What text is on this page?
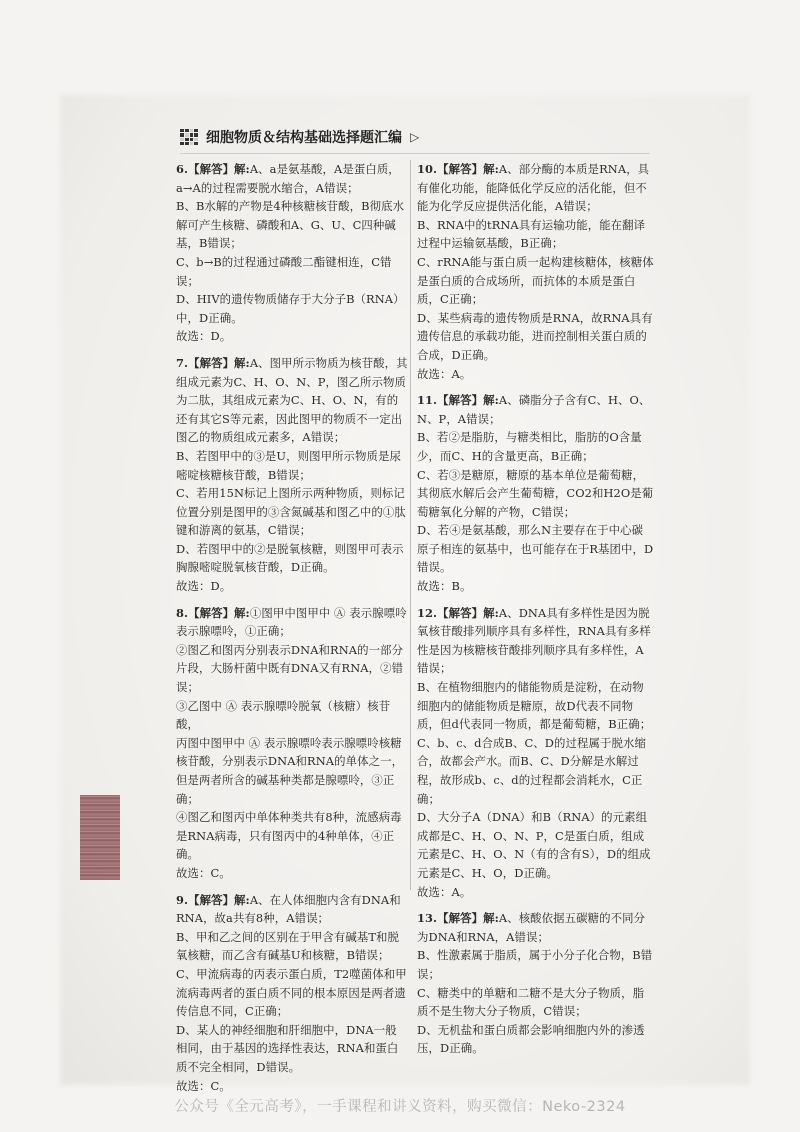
细胞物质＆结构基础选择题汇编 ▷

6.【解答】解:A、a是氨基酸，A是蛋白质，a→A的过程需要脱水缩合，A错误；

B、B水解的产物是4种核糖核苷酸，B彻底水解可产生核糖、磷酸和A、G、U、C四种碱基，B错误；

C、b→B的过程通过磷酸二酯键相连，C错误；

D、HIV的遗传物质储存于大分子B（RNA）中，D正确。

故选：D。

7.【解答】解:A、图甲所示物质为核苷酸，其组成元素为C、H、O、N、P，图乙所示物质为二肽，其组成元素为C、H、O、N，有的还有其它S等元素，因此图甲的物质不一定出图乙的物质组成元素多，A错误；

B、若图甲中的③是U，则图甲所示物质是尿嘧啶核糖核苷酸，B错误；

C、若用15N标记上图所示两种物质，则标记位置分别是图甲的③含氮碱基和图乙中的①肽键和游离的氨基，C错误；

D、若图甲中的②是脱氧核糖，则图甲可表示胸腺嘧啶脱氧核苷酸，D正确。

故选：D。

8.【解答】解:①图甲中图甲中 Ⓐ 表示腺嘌呤表示腺嘌呤，①正确；

②图乙和图丙分别表示DNA和RNA的一部分片段，大肠杆菌中既有DNA又有RNA，②错误；

③乙图中 Ⓐ 表示腺嘌呤脱氧（核糖）核苷酸，

丙图中图甲中 Ⓐ 表示腺嘌呤表示腺嘌呤核糖核苷酸，分别表示DNA和RNA的单体之一，但是两者所含的碱基种类都是腺嘌呤，③正确；

④图乙和图丙中单体种类共有8种，流感病毒是RNA病毒，只有图丙中的4种单体，④正确。

故选：C。

9.【解答】解:A、在人体细胞内含有DNA和RNA，故a共有8种，A错误；

B、甲和乙之间的区别在于甲含有碱基T和脱氧核糖，而乙含有碱基U和核糖，B错误；

C、甲流病毒的丙表示蛋白质，T2噬菌体和甲流病毒两者的蛋白质不同的根本原因是两者遗传信息不同，C正确；

D、某人的神经细胞和肝细胞中，DNA一般相同，由于基因的选择性表达，RNA和蛋白质不完全相同，D错误。

故选：C。

10.【解答】解:A、部分酶的本质是RNA，具有催化功能，能降低化学反应的活化能，但不能为化学反应提供活化能，A错误；

B、RNA中的tRNA具有运输功能，能在翻译过程中运输氨基酸，B正确；

C、rRNA能与蛋白质一起构建核糖体，核糖体是蛋白质的合成场所，而抗体的本质是蛋白质，C正确；

D、某些病毒的遗传物质是RNA，故RNA具有遗传信息的承载功能，进而控制相关蛋白质的合成，D正确。

故选：A。

11.【解答】解:A、磷脂分子含有C、H、O、N、P，A错误；

B、若②是脂肪，与糖类相比，脂肪的O含量少，而C、H的含量更高，B正确；

C、若③是糖原，糖原的基本单位是葡萄糖，其彻底水解后会产生葡萄糖，CO2和H2O是葡萄糖氧化分解的产物，C错误；

D、若④是氨基酸，那么N主要存在于中心碳原子相连的氨基中，也可能存在于R基团中，D错误。

故选：B。

12.【解答】解:A、DNA具有多样性是因为脱氧核苷酸排列顺序具有多样性，RNA具有多样性是因为核糖核苷酸排列顺序具有多样性，A错误；

B、在植物细胞内的储能物质是淀粉，在动物细胞内的储能物质是糖原，故D代表不同物质，但d代表同一物质，都是葡萄糖，B正确；

C、b、c、d合成B、C、D的过程属于脱水缩合，故都会产水。而B、C、D分解是水解过程，故形成b、c、d的过程都会消耗水，C正确；

D、大分子A（DNA）和B（RNA）的元素组成都是C、H、O、N、P，C是蛋白质，组成元素是C、H、O、N（有的含有S），D的组成元素是C、H、O，D正确。

故选：A。

13.【解答】解:A、核酸依据五碳糖的不同分为DNA和RNA，A错误；

B、性激素属于脂质，属于小分子化合物，B错误；

C、糖类中的单糖和二糖不是大分子物质，脂质不是生物大分子物质，C错误；

D、无机盐和蛋白质都会影响细胞内外的渗透压，D正确。

公众号《全元高考》，一手课程和讲义资料，购买微信：Neko-2324
